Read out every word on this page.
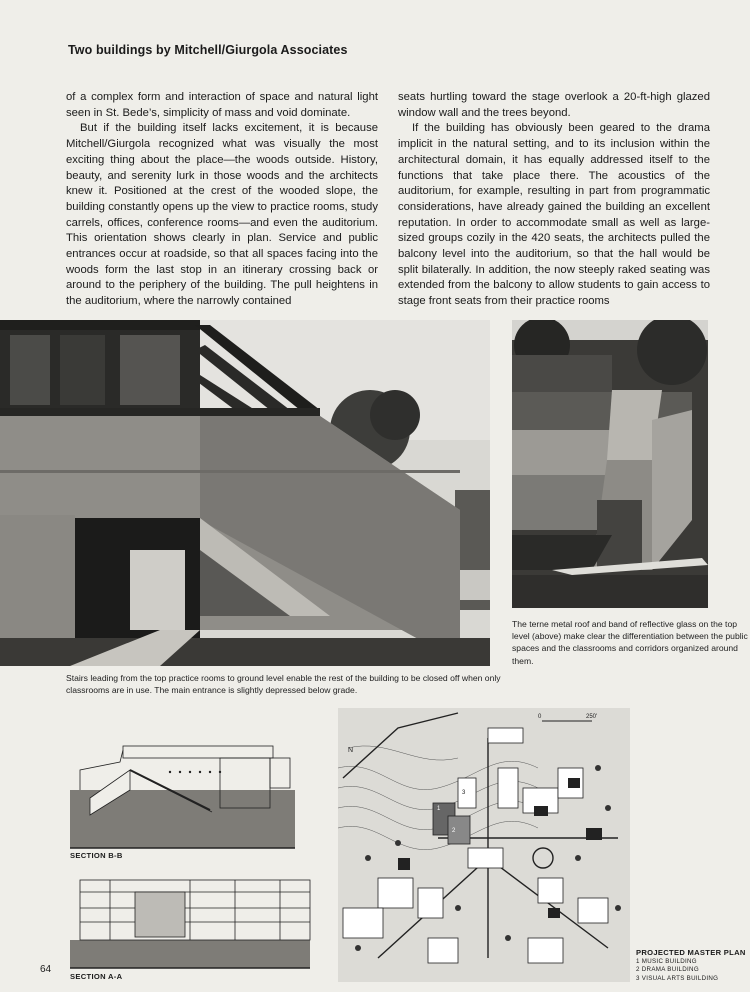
Two buildings by Mitchell/Giurgola Associates

of a complex form and interaction of space and natural light seen in St. Bede’s, simplicity of mass and void dominate.

But if the building itself lacks excitement, it is because Mitchell/Giurgola recognized what was visually the most exciting thing about the place—the woods outside. History, beauty, and serenity lurk in those woods and the architects knew it. Positioned at the crest of the wooded slope, the building constantly opens up the view to practice rooms, study carrels, offices, conference rooms—and even the auditorium. This orientation shows clearly in plan. Service and public entrances occur at roadside, so that all spaces facing into the woods form the last stop in an itinerary crossing back or around to the periphery of the building. The pull heightens in the auditorium, where the narrowly contained

seats hurtling toward the stage overlook a 20-ft-high glazed window wall and the trees beyond.

If the building has obviously been geared to the drama implicit in the natural setting, and to its inclusion within the architectural domain, it has equally addressed itself to the functions that take place there. The acoustics of the auditorium, for example, resulting in part from programmatic considerations, have already gained the building an excellent reputation. In order to accommodate small as well as large-sized groups cozily in the 420 seats, the architects pulled the balcony level into the auditorium, so that the hall would be split bilaterally. In addition, the now steeply raked seating was extended from the balcony to allow students to gain access to stage front seats from their practice rooms

The terne metal roof and band of reflective glass on the top level (above) make clear the differentiation between the public spaces and the classrooms and corridors organized around them.
Stairs leading from the top practice rooms to ground level enable the rest of the building to be closed off when only classrooms are in use. The main entrance is slightly depressed below grade.
SECTION B-B
SECTION A-A
64
0	250'
N
1
2
3
PROJECTED MASTER PLAN
1 MUSIC BUILDING
2 DRAMA BUILDING
3 VISUAL ARTS BUILDING
